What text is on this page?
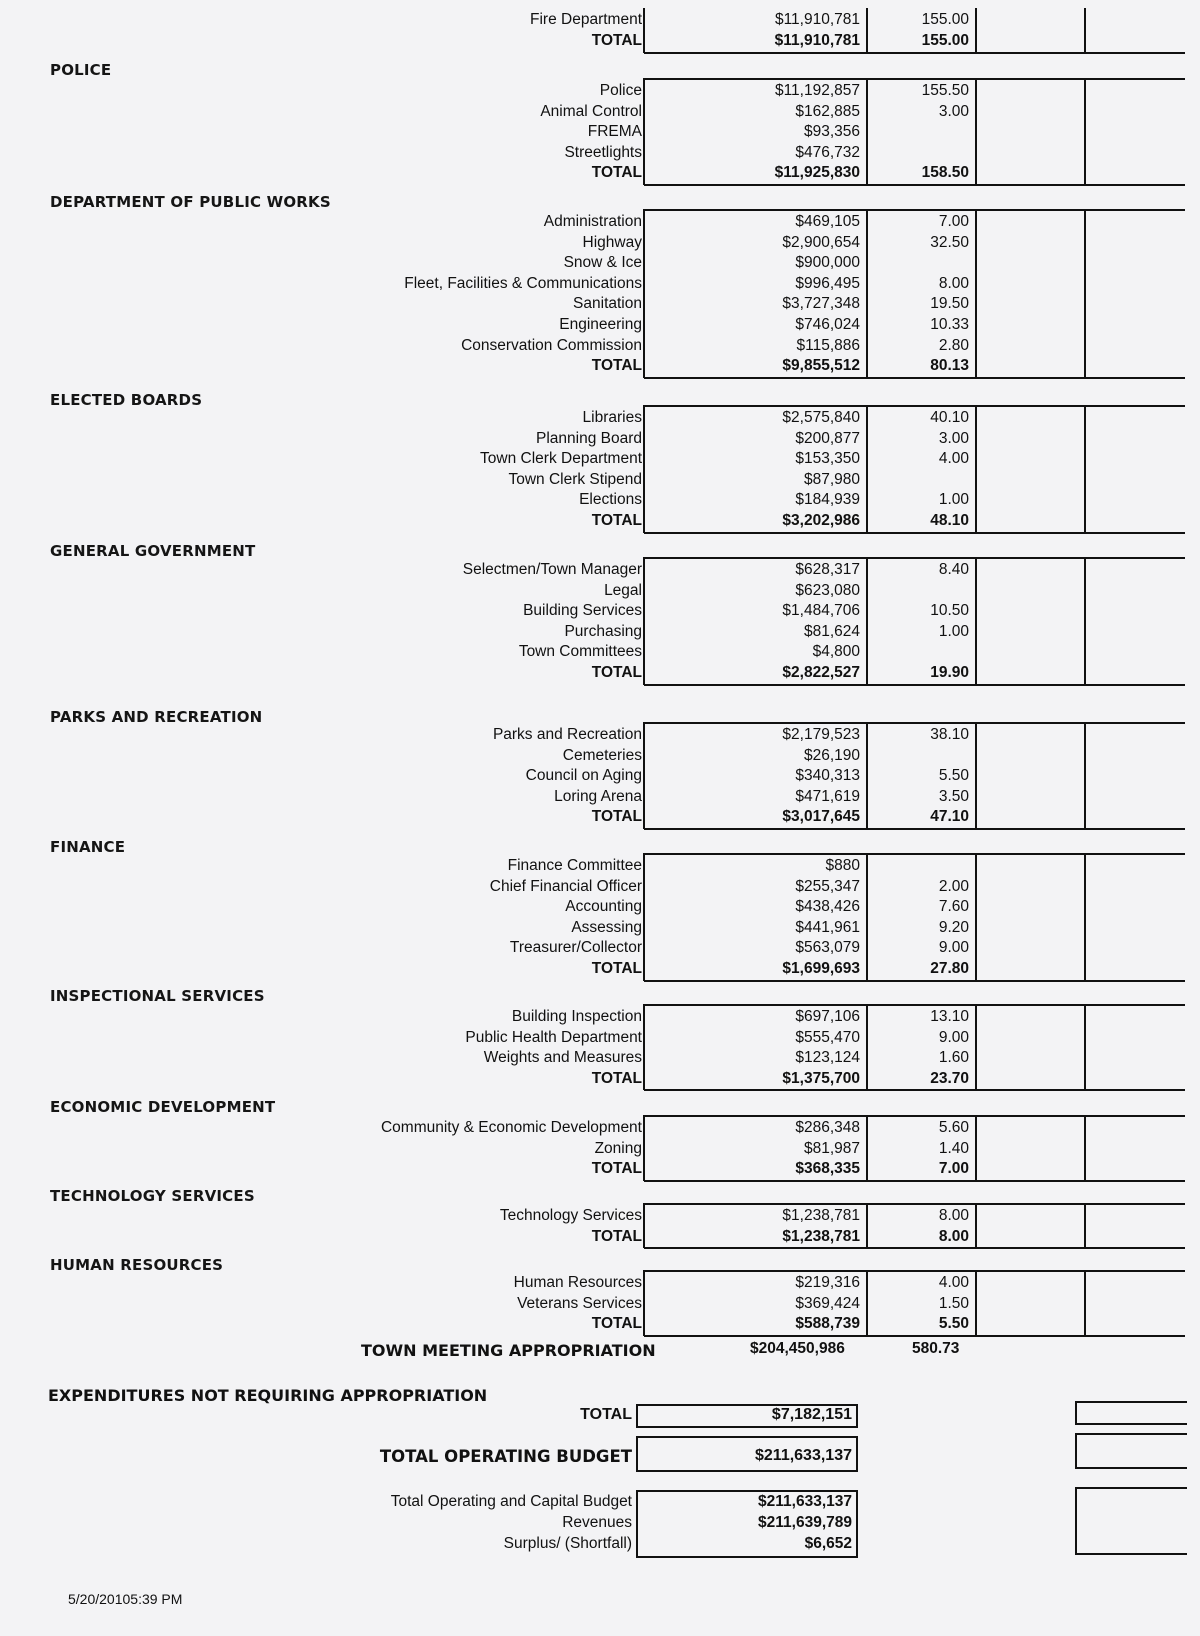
Fire Department	$11,910,781	155.00
TOTAL	$11,910,781	155.00
POLICE
Police	$11,192,857	155.50
Animal Control	$162,885	3.00
FREMA	$93,356
Streetlights	$476,732
TOTAL	$11,925,830	158.50
DEPARTMENT OF PUBLIC WORKS
Administration	$469,105	7.00
Highway	$2,900,654	32.50
Snow & Ice	$900,000
Fleet, Facilities & Communications	$996,495	8.00
Sanitation	$3,727,348	19.50
Engineering	$746,024	10.33
Conservation Commission	$115,886	2.80
TOTAL	$9,855,512	80.13
ELECTED BOARDS
Libraries	$2,575,840	40.10
Planning Board	$200,877	3.00
Town Clerk Department	$153,350	4.00
Town Clerk Stipend	$87,980
Elections	$184,939	1.00
TOTAL	$3,202,986	48.10
GENERAL GOVERNMENT
Selectmen/Town Manager	$628,317	8.40
Legal	$623,080
Building Services	$1,484,706	10.50
Purchasing	$81,624	1.00
Town Committees	$4,800
TOTAL	$2,822,527	19.90
PARKS AND RECREATION
Parks and Recreation	$2,179,523	38.10
Cemeteries	$26,190
Council on Aging	$340,313	5.50
Loring Arena	$471,619	3.50
TOTAL	$3,017,645	47.10
FINANCE
Finance Committee	$880
Chief Financial Officer	$255,347	2.00
Accounting	$438,426	7.60
Assessing	$441,961	9.20
Treasurer/Collector	$563,079	9.00
TOTAL	$1,699,693	27.80
INSPECTIONAL SERVICES
Building Inspection	$697,106	13.10
Public Health Department	$555,470	9.00
Weights and Measures	$123,124	1.60
TOTAL	$1,375,700	23.70
ECONOMIC DEVELOPMENT
Community & Economic Development	$286,348	5.60
Zoning	$81,987	1.40
TOTAL	$368,335	7.00
TECHNOLOGY SERVICES
Technology Services	$1,238,781	8.00
TOTAL	$1,238,781	8.00
HUMAN RESOURCES
Human Resources	$219,316	4.00
Veterans Services	$369,424	1.50
TOTAL	$588,739	5.50
TOWN MEETING APPROPRIATION	$204,450,986	580.73
EXPENDITURES NOT REQUIRING APPROPRIATION
TOTAL	$7,182,151
TOTAL OPERATING BUDGET	$211,633,137
Total Operating and Capital Budget	$211,633,137
Revenues	$211,639,789
Surplus/ (Shortfall)	$6,652
5/20/20105:39 PM
